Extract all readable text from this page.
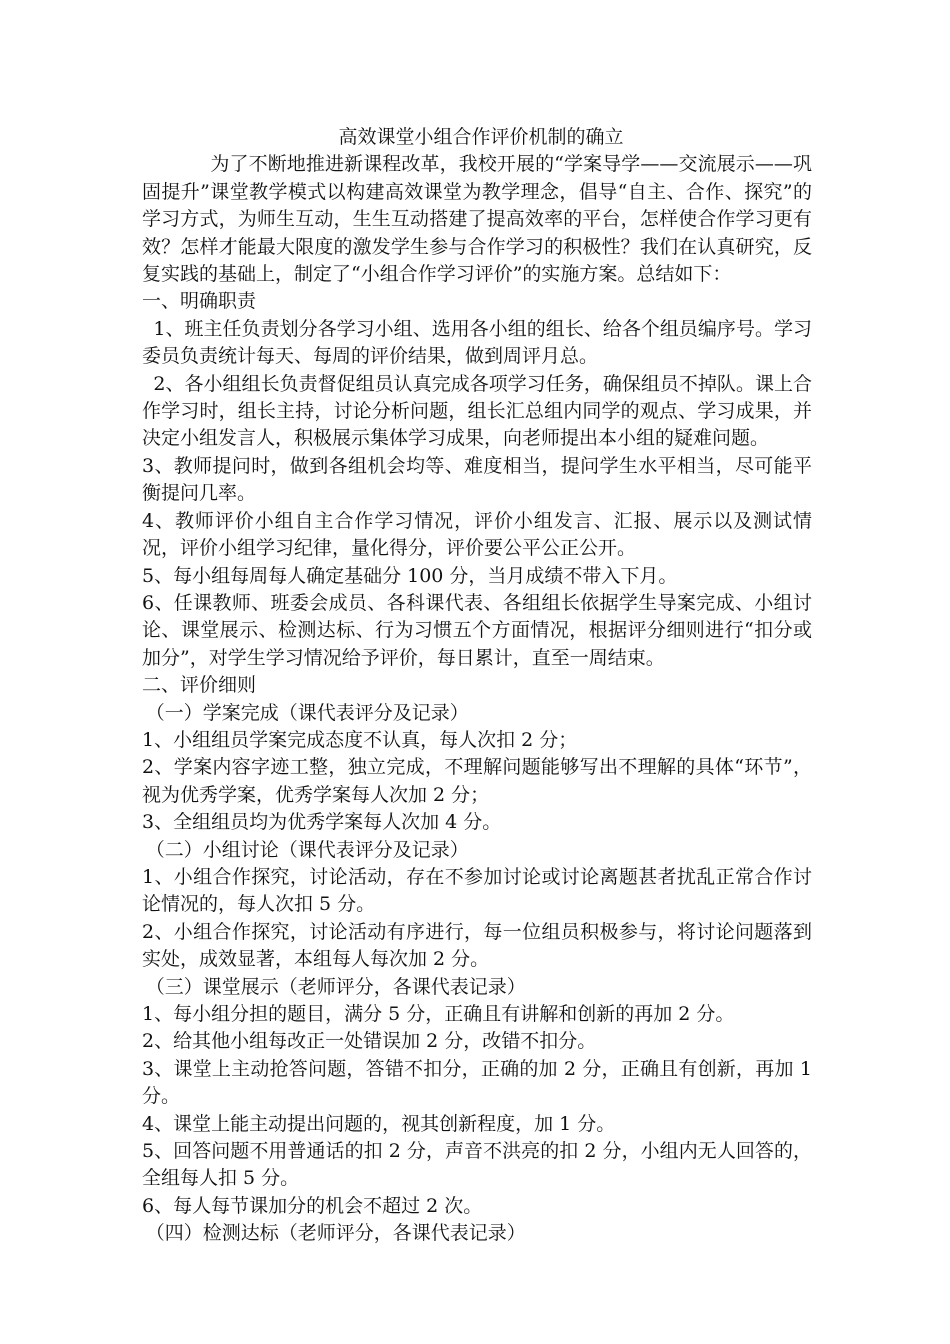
高效课堂小组合作评价机制的确立

为了不断地推进新课程改革，我校开展的“学案导学——交流展示——巩固提升”课堂教学模式以构建高效课堂为教学理念，倡导“自主、合作、探究”的学习方式，为师生互动，生生互动搭建了提高效率的平台，怎样使合作学习更有效？怎样才能最大限度的激发学生参与合作学习的积极性？我们在认真研究，反复实践的基础上，制定了“小组合作学习评价”的实施方案。总结如下：

一、明确职责

1、班主任负责划分各学习小组、选用各小组的组长、给各个组员编序号。学习委员负责统计每天、每周的评价结果，做到周评月总。

2、各小组组长负责督促组员认真完成各项学习任务，确保组员不掉队。课上合作学习时，组长主持，讨论分析问题，组长汇总组内同学的观点、学习成果，并决定小组发言人，积极展示集体学习成果，向老师提出本小组的疑难问题。

3、教师提问时，做到各组机会均等、难度相当，提问学生水平相当，尽可能平衡提问几率。

4、教师评价小组自主合作学习情况，评价小组发言、汇报、展示以及测试情况，评价小组学习纪律，量化得分，评价要公平公正公开。

5、每小组每周每人确定基础分 100 分，当月成绩不带入下月。

6、任课教师、班委会成员、各科课代表、各组组长依据学生导案完成、小组讨论、课堂展示、检测达标、行为习惯五个方面情况，根据评分细则进行“扣分或加分”，对学生学习情况给予评价，每日累计，直至一周结束。

二、评价细则

（一）学案完成（课代表评分及记录）

1、小组组员学案完成态度不认真，每人次扣 2 分；

2、学案内容字迹工整，独立完成，不理解问题能够写出不理解的具体“环节”，视为优秀学案，优秀学案每人次加 2 分；

3、全组组员均为优秀学案每人次加 4 分。

（二）小组讨论（课代表评分及记录）

1、小组合作探究，讨论活动，存在不参加讨论或讨论离题甚者扰乱正常合作讨论情况的，每人次扣 5 分。

2、小组合作探究，讨论活动有序进行，每一位组员积极参与，将讨论问题落到实处，成效显著，本组每人每次加 2 分。

（三）课堂展示（老师评分，各课代表记录）

1、每小组分担的题目，满分 5 分，正确且有讲解和创新的再加 2 分。

2、给其他小组每改正一处错误加 2 分，改错不扣分。

3、课堂上主动抢答问题，答错不扣分，正确的加 2 分，正确且有创新，再加 1 分。

4、课堂上能主动提出问题的，视其创新程度，加 1 分。

5、回答问题不用普通话的扣 2 分，声音不洪亮的扣 2 分，小组内无人回答的，全组每人扣 5 分。

6、每人每节课加分的机会不超过 2 次。

（四）检测达标（老师评分，各课代表记录）
